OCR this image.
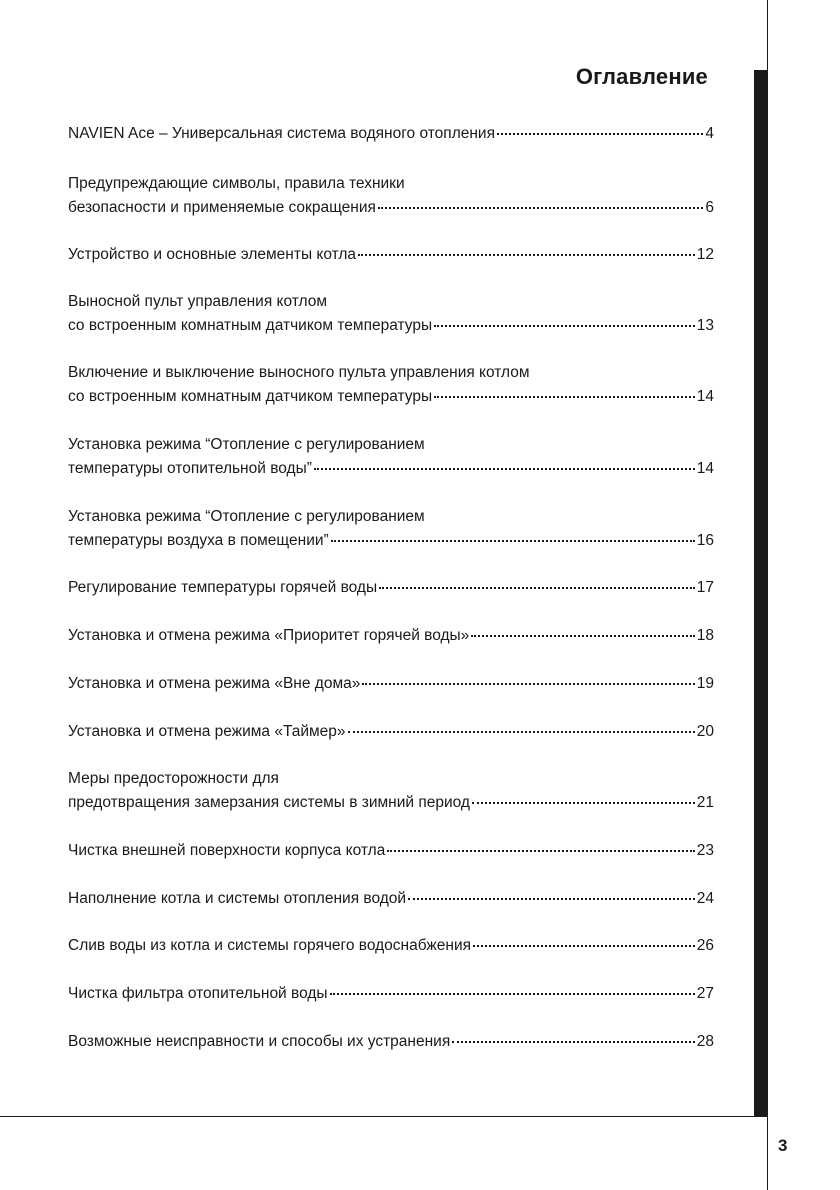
Оглавление
NAVIEN Ace – Универсальная система водяного отопления	4
Предупреждающие символы, правила техники
безопасности и применяемые сокращения	6
Устройство и основные элементы котла	12
Выносной пульт управления котлом
со встроенным комнатным датчиком температуры	13
Включение и выключение выносного пульта управления котлом
со встроенным комнатным датчиком температуры	14
Установка режима “Отопление с регулированием
температуры отопительной воды”	14
Установка режима “Отопление с регулированием
температуры воздуха в помещении”	16
Регулирование температуры горячей воды	17
Установка и отмена режима «Приоритет горячей воды»	18
Установка и отмена режима «Вне дома»	19
Установка и отмена режима «Таймер»	20
Меры предосторожности для
предотвращения замерзания системы в зимний период	21
Чистка внешней поверхности корпуса котла	23
Наполнение котла и системы отопления водой	24
Слив воды из котла и системы горячего водоснабжения	26
Чистка фильтра отопительной воды	27
Возможные неисправности и способы их устранения	28
3
